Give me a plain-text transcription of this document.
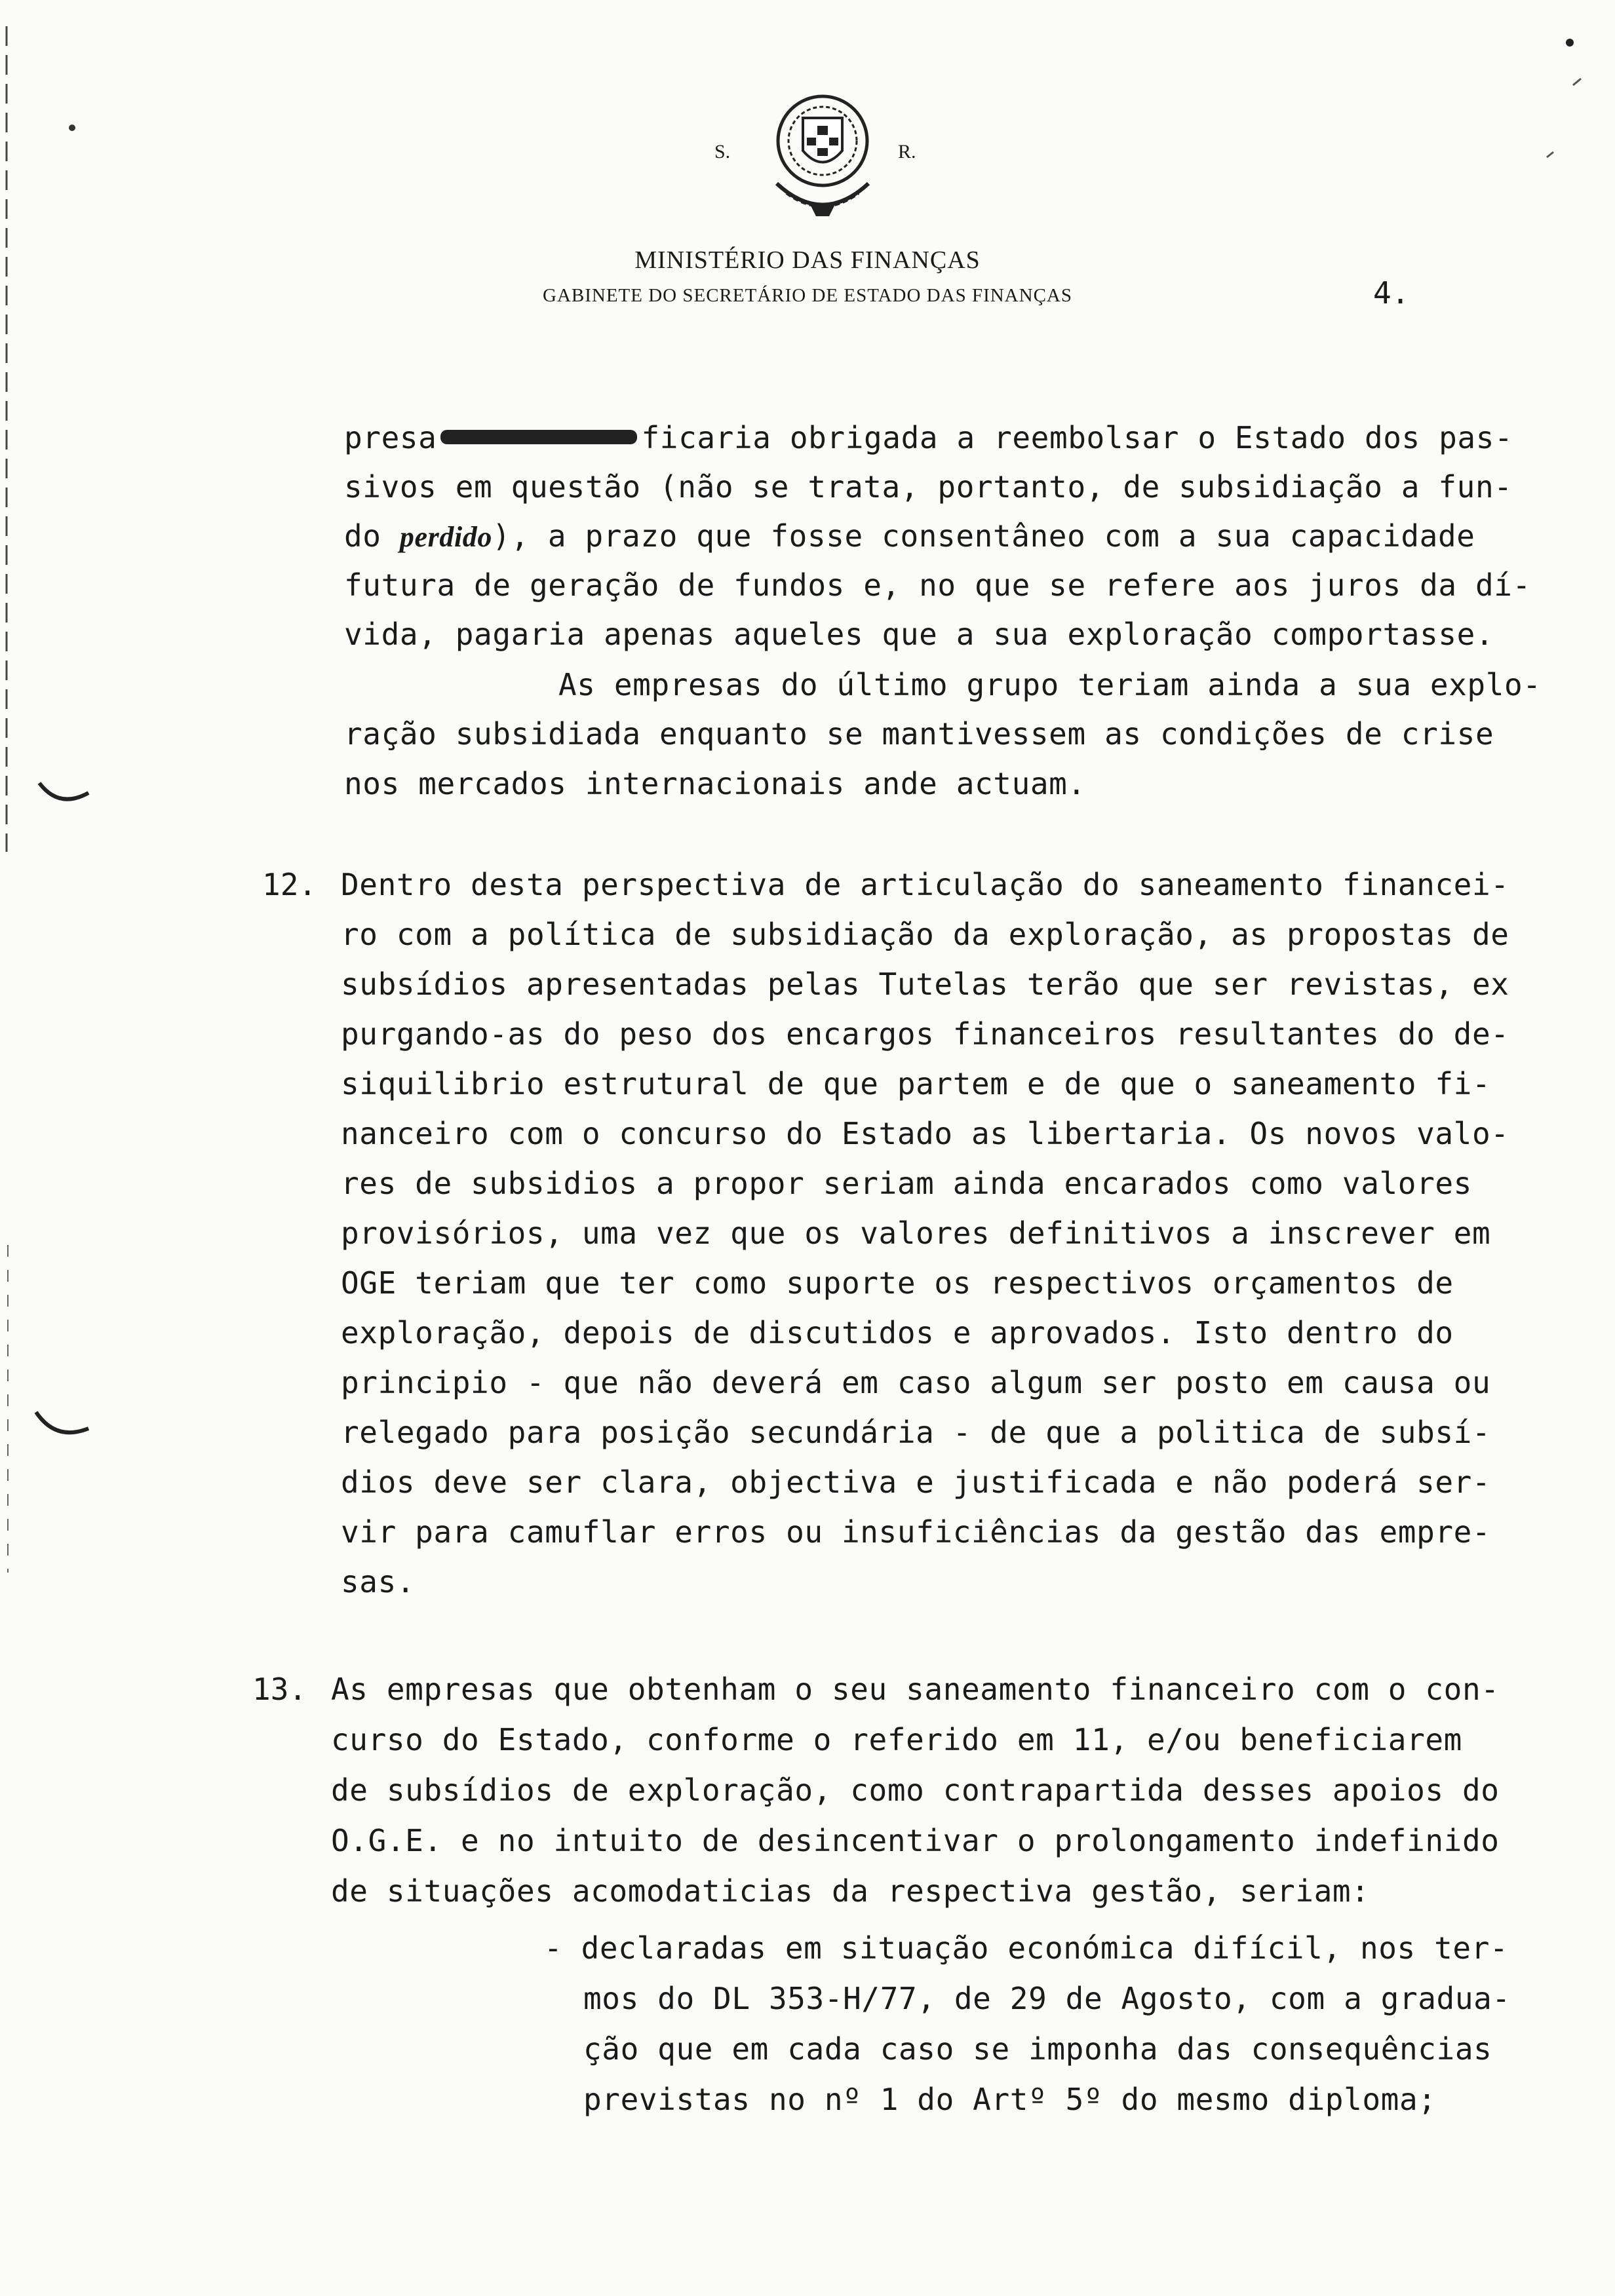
S.	R.
MINISTÉRIO DAS FINANÇAS
GABINETE DO SECRETÁRIO DE ESTADO DAS FINANÇAS	4.
presa	ficaria obrigada a reembolsar o Estado dos pas-
sivos em questão (não se trata, portanto, de subsidiação a fun-
do perdido), a prazo que fosse consentâneo com a sua capacidade
futura de geração de fundos e, no que se refere aos juros da dí-
vida, pagaria apenas aqueles que a sua exploração comportasse.
As empresas do último grupo teriam ainda a sua explo-
ração subsidiada enquanto se mantivessem as condições de crise
nos mercados internacionais ande actuam.
12. Dentro desta perspectiva de articulação do saneamento financei-
ro com a política de subsidiação da exploração, as propostas de
subsídios apresentadas pelas Tutelas terão que ser revistas, ex
purgando-as do peso dos encargos financeiros resultantes do de-
siquilibrio estrutural de que partem e de que o saneamento fi-
nanceiro com o concurso do Estado as libertaria. Os novos valo-
res de subsidios a propor seriam ainda encarados como valores
provisórios, uma vez que os valores definitivos a inscrever em
OGE teriam que ter como suporte os respectivos orçamentos de
exploração, depois de discutidos e aprovados. Isto dentro do
principio - que não deverá em caso algum ser posto em causa ou
relegado para posição secundária - de que a politica de subsí-
dios deve ser clara, objectiva e justificada e não poderá ser-
vir para camuflar erros ou insuficiências da gestão das empre-
sas.
13. As empresas que obtenham o seu saneamento financeiro com o con-
curso do Estado, conforme o referido em 11, e/ou beneficiarem
de subsídios de exploração, como contrapartida desses apoios do
O.G.E. e no intuito de desincentivar o prolongamento indefinido
de situações acomodaticias da respectiva gestão, seriam:
- declaradas em situação económica difícil, nos ter-
mos do DL 353-H/77, de 29 de Agosto, com a gradua-
ção que em cada caso se imponha das consequências
previstas no nº 1 do Artº 5º do mesmo diploma;
